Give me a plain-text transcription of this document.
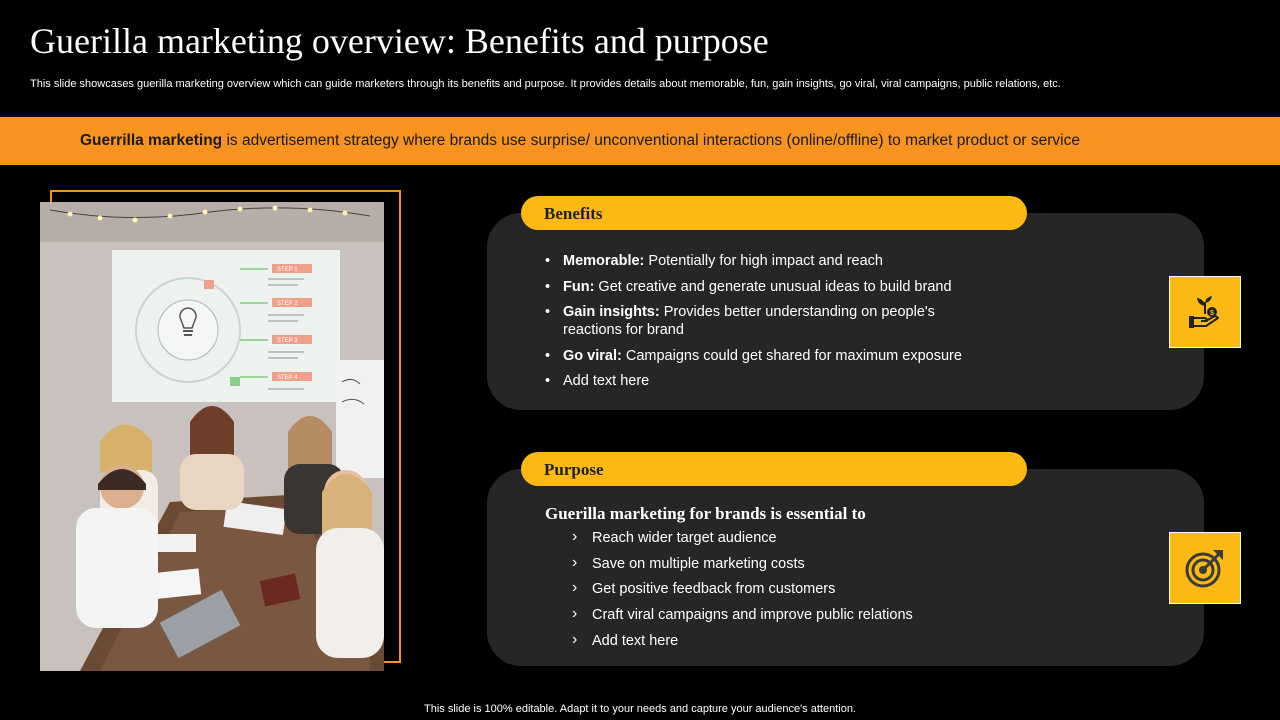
Guerilla marketing overview: Benefits and purpose
This slide showcases guerilla marketing overview which can guide marketers through its benefits and purpose. It provides details about memorable, fun, gain insights, go viral, viral campaigns, public relations, etc.
Guerrilla marketing is advertisement strategy where brands use surprise/ unconventional interactions (online/offline) to market product or service
STEP 1
STEP 2
STEP 3
STEP 4
Benefits
• Memorable: Potentially for high impact and reach
• Fun: Get creative and generate unusual ideas to build brand
• Gain insights: Provides better understanding on people's reactions for brand
• Go viral: Campaigns could get shared for maximum exposure
• Add text here
$
Purpose
Guerilla marketing for brands is essential to
› Reach wider target audience
› Save on multiple marketing costs
› Get positive feedback from customers
› Craft viral campaigns and improve public relations
› Add text here
This slide is 100% editable. Adapt it to your needs and capture your audience's attention.
